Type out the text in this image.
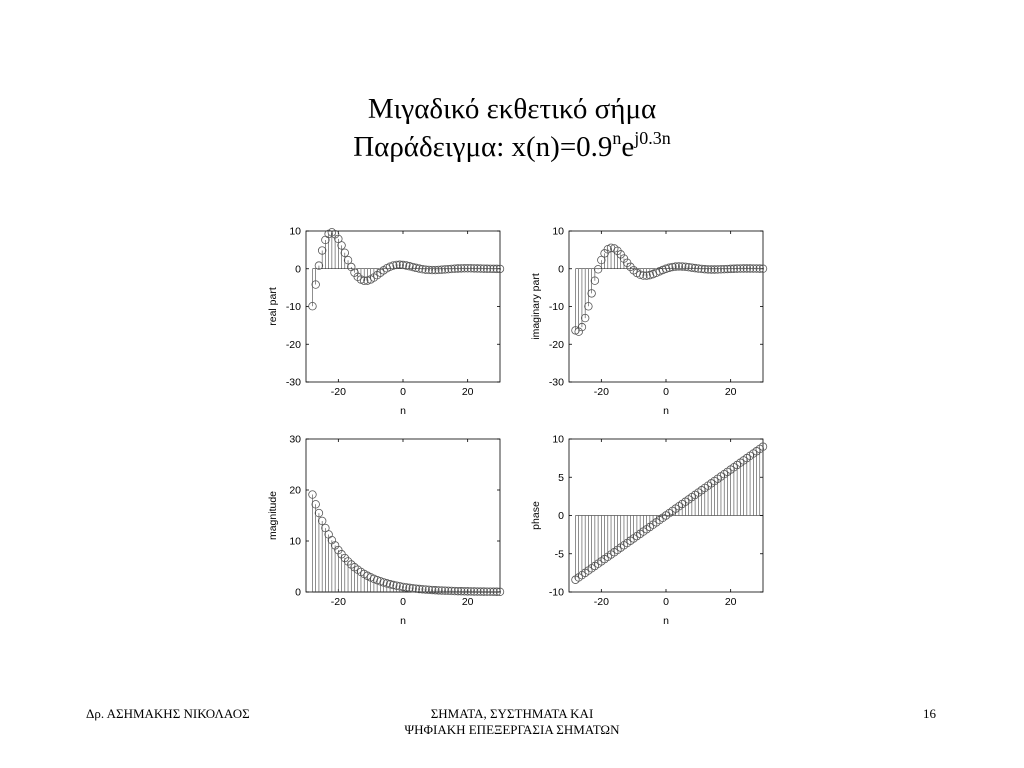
Μιγαδικό εκθετικό σήμα
Παράδειγμα: $x(n)=0.9^ne^{j0.3n}$
-20	0	20
10
0
-10
-20
-30
n
real part
-20	0	20
10
0
-10
-20
-30
n
imaginary part
-20	0	20
30
20
10
0
n
magnitude
-20	0	20
10
5
0
-5
-10
n
phase
Δρ. ΑΣΗΜΑΚΗΣ ΝΙΚΟΛΑΟΣ	ΣΗΜΑΤΑ, ΣΥΣΤΗΜΑΤΑ ΚΑΙ
ΨΗΦΙΑΚΗ ΕΠΕΞΕΡΓΑΣΙΑ ΣΗΜΑΤΩΝ
16
